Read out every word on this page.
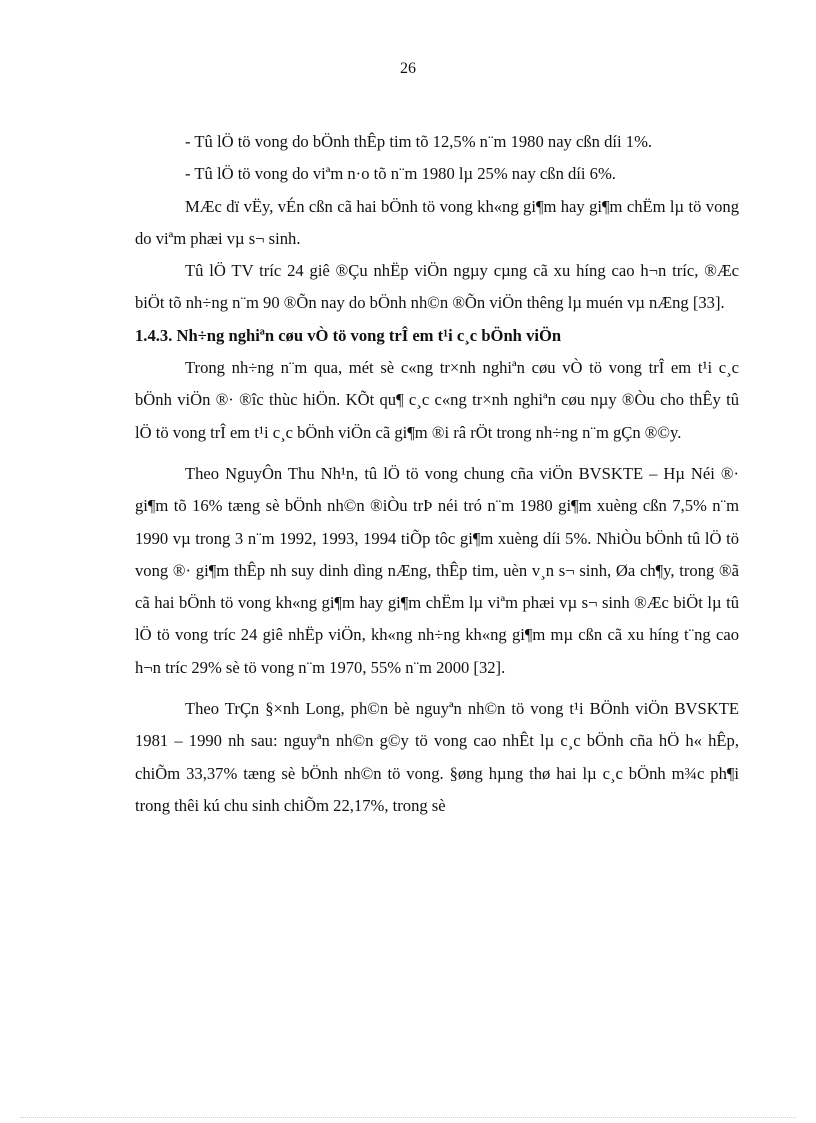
26

- Tû lÖ tö vong do bÖnh thÊp tim tõ 12,5% n¨m 1980 nay cßn díi 1%.

- Tû lÖ tö vong do viªm n·o tõ n¨m 1980 lµ 25% nay cßn díi 6%.

MÆc dï vËy, vÉn cßn cã hai bÖnh tö vong kh«ng gi¶m hay gi¶m chËm lµ tö vong do viªm phæi vµ s¬ sinh.

Tû lÖ TV tríc 24 giê ®Çu nhËp viÖn ngµy cµng cã xu híng cao h¬n tríc, ®Æc biÖt tõ nh÷ng n¨m 90 ®Õn nay do bÖnh nh©n ®Õn viÖn thêng lµ muén vµ nÆng [33].

1.4.3. Nh÷ng nghiªn cøu vÒ tö vong trÎ em t¹i c¸c bÖnh viÖn

Trong nh÷ng n¨m qua, mét sè c«ng tr×nh nghiªn cøu vÒ tö vong trÎ em t¹i c¸c bÖnh viÖn ®· ®îc thùc hiÖn. KÕt qu¶ c¸c c«ng tr×nh nghiªn cøu nµy ®Òu cho thÊy tû lÖ tö vong trÎ em t¹i c¸c bÖnh viÖn cã gi¶m ®i râ rÖt trong nh÷ng n¨m gÇn ®©y.

Theo NguyÔn Thu Nh¹n, tû lÖ tö vong chung cña viÖn BVSKTE – Hµ Néi ®· gi¶m tõ 16% tæng sè bÖnh nh©n ®iÒu trÞ néi tró n¨m 1980 gi¶m xuèng cßn 7,5% n¨m 1990 vµ trong 3 n¨m 1992, 1993, 1994 tiÕp tôc gi¶m xuèng díi 5%. NhiÒu bÖnh tû lÖ tö vong ®· gi¶m thÊp nh suy dinh dìng nÆng, thÊp tim, uèn v¸n s¬ sinh, Øa ch¶y, trong ®ã cã hai bÖnh tö vong kh«ng gi¶m hay gi¶m chËm lµ viªm phæi vµ s¬ sinh ®Æc biÖt lµ tû lÖ tö vong tríc 24 giê nhËp viÖn, kh«ng nh÷ng kh«ng gi¶m mµ cßn cã xu híng t¨ng cao h¬n tríc 29% sè tö vong n¨m 1970, 55% n¨m 2000 [32].

Theo TrÇn §×nh Long, ph©n bè nguyªn nh©n tö vong t¹i BÖnh viÖn BVSKTE 1981 – 1990 nh sau: nguyªn nh©n g©y tö vong cao nhÊt lµ c¸c bÖnh cña hÖ h« hÊp, chiÕm 33,37% tæng sè bÖnh nh©n tö vong. §øng hµng thø hai lµ c¸c bÖnh m¾c ph¶i trong thêi kú chu sinh chiÕm 22,17%, trong sè
